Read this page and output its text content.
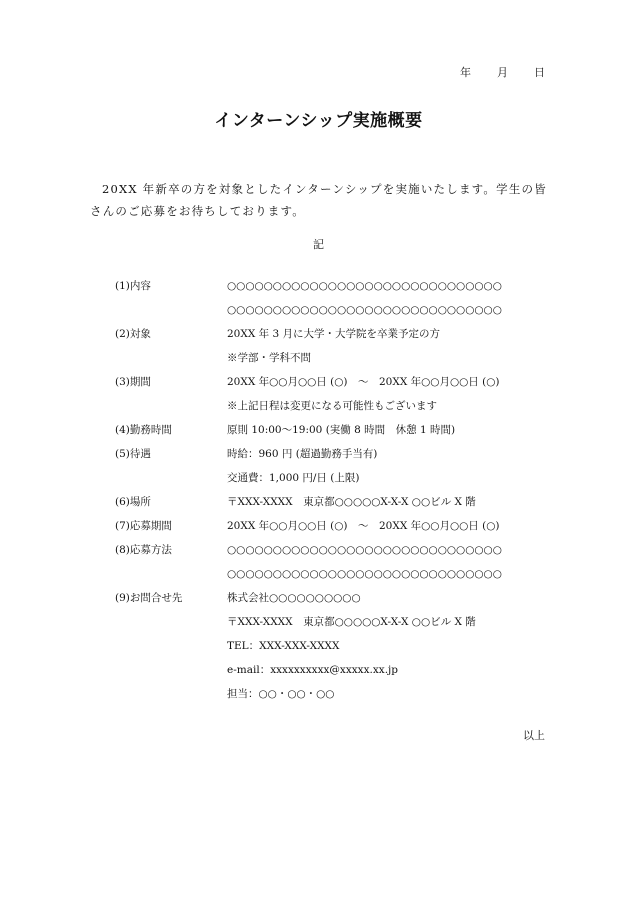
年 月 日
インターンシップ実施概要
20XX 年新卒の方を対象としたインターンシップを実施いたします。学生の皆さんのご応募をお待ちしております。
記
(1)内容	○○○○○○○○○○○○○○○○○○○○○○○○○○○○○○
○○○○○○○○○○○○○○○○○○○○○○○○○○○○○○
(2)対象	20XX 年 3 月に大学・大学院を卒業予定の方
※学部・学科不問
(3)期間	20XX 年○○月○○日 (○)　～　20XX 年○○月○○日 (○)
※上記日程は変更になる可能性もございます
(4)勤務時間	原則 10:00～19:00 (実働 8 時間　休憩 1 時間)
(5)待遇	時給：960 円 (超過勤務手当有)
交通費：1,000 円/日 (上限)
(6)場所	〒XXX-XXXX　東京都○○○○○X-X-X ○○ビル X 階
(7)応募期間	20XX 年○○月○○日 (○)　～　20XX 年○○月○○日 (○)
(8)応募方法	○○○○○○○○○○○○○○○○○○○○○○○○○○○○○○
○○○○○○○○○○○○○○○○○○○○○○○○○○○○○○
(9)お問合せ先	株式会社○○○○○○○○○○
〒XXX-XXXX　東京都○○○○○X-X-X ○○ビル X 階
TEL：XXX-XXX-XXXX
e-mail：xxxxxxxxxx@xxxxx.xx.jp
担当：○○・○○・○○
以上
